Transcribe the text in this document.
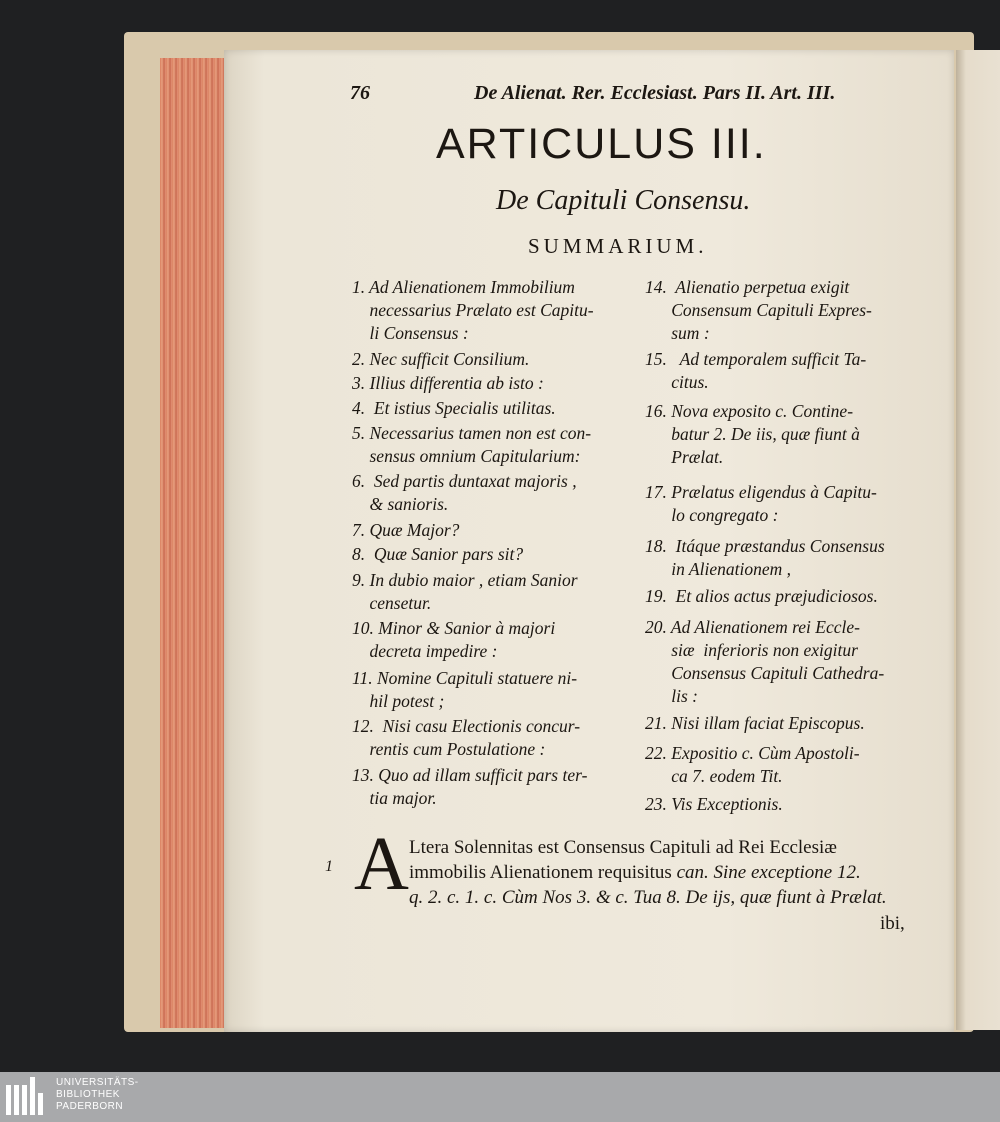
76	De Alienat. Rer. Ecclesiast. Pars II. Art. III.
ARTICULUS III.
De Capituli Consensu.
SUMMARIUM.
1. Ad Alienationem Immobilium
necessarius Prælato est Capitu-
li Consensus :
2. Nec sufficit Consilium.
3. Illius differentia ab isto :
4.  Et istius Specialis utilitas.
5. Necessarius tamen non est con-
sensus omnium Capitularium:
6.  Sed partis duntaxat majoris ,
& sanioris.
7. Quæ Major?
8.  Quæ Sanior pars sit?
9. In dubio maior , etiam Sanior
censetur.
10. Minor & Sanior à majori
decreta impedire :
11. Nomine Capituli statuere ni-
hil potest ;
12.  Nisi casu Electionis concur-
rentis cum Postulatione :
13. Quo ad illam sufficit pars ter-
tia major.
14.  Alienatio perpetua exigit
Consensum Capituli Expres-
sum :
15.   Ad temporalem sufficit Ta-
citus.
16. Nova exposito c. Contine-
batur 2. De iis, quæ fiunt à
Prælat.
17. Prælatus eligendus à Capitu-
lo congregato :
18.  Itáque præstandus Consensus
in Alienationem ,
19.  Et alios actus præjudiciosos.
20. Ad Alienationem rei Eccle-
siæ  inferioris non exigitur
Consensus Capituli Cathedra-
lis :
21. Nisi illam faciat Episcopus.
22. Expositio c. Cùm Apostoli-
ca 7. eodem Tit.
23. Vis Exceptionis.
1 A Ltera Solennitas est Consensus Capituli ad Rei Ecclesiæ
immobilis Alienationem requisitus can. Sine exceptione 12.
q. 2. c. 1. c. Cùm Nos 3. & c. Tua 8. De ijs, quæ fiunt à Prælat.
ibi,
UNIVERSITÄTS-
BIBLIOTHEK
PADERBORN
